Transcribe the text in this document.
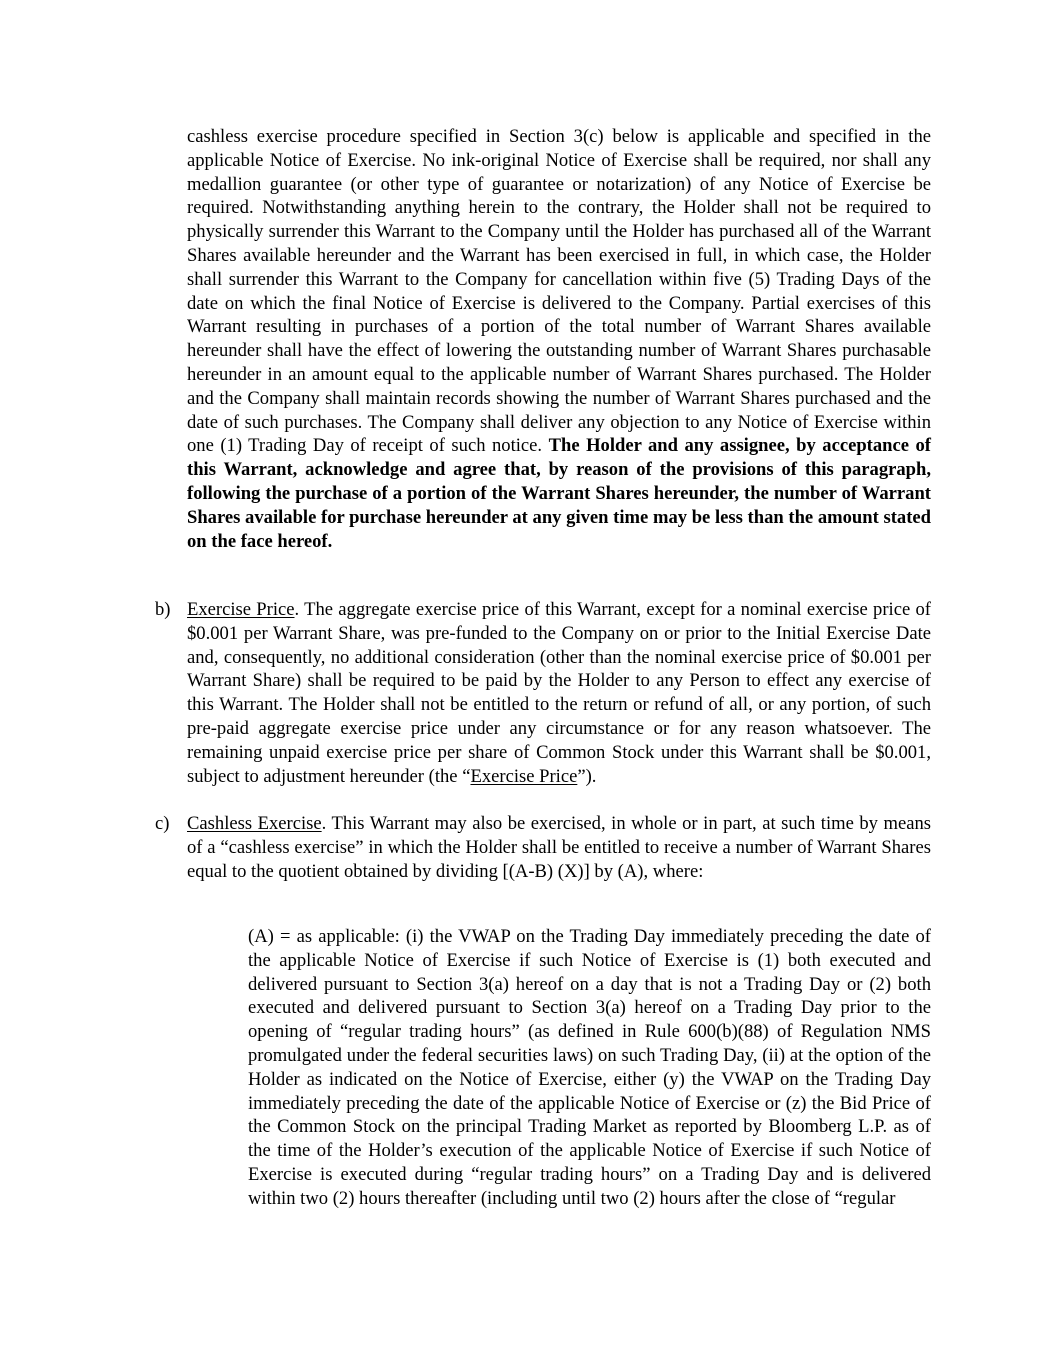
cashless exercise procedure specified in Section 3(c) below is applicable and specified in the applicable Notice of Exercise. No ink-original Notice of Exercise shall be required, nor shall any medallion guarantee (or other type of guarantee or notarization) of any Notice of Exercise be required. Notwithstanding anything herein to the contrary, the Holder shall not be required to physically surrender this Warrant to the Company until the Holder has purchased all of the Warrant Shares available hereunder and the Warrant has been exercised in full, in which case, the Holder shall surrender this Warrant to the Company for cancellation within five (5) Trading Days of the date on which the final Notice of Exercise is delivered to the Company. Partial exercises of this Warrant resulting in purchases of a portion of the total number of Warrant Shares available hereunder shall have the effect of lowering the outstanding number of Warrant Shares purchasable hereunder in an amount equal to the applicable number of Warrant Shares purchased. The Holder and the Company shall maintain records showing the number of Warrant Shares purchased and the date of such purchases. The Company shall deliver any objection to any Notice of Exercise within one (1) Trading Day of receipt of such notice. The Holder and any assignee, by acceptance of this Warrant, acknowledge and agree that, by reason of the provisions of this paragraph, following the purchase of a portion of the Warrant Shares hereunder, the number of Warrant Shares available for purchase hereunder at any given time may be less than the amount stated on the face hereof.

b) Exercise Price. The aggregate exercise price of this Warrant, except for a nominal exercise price of $0.001 per Warrant Share, was pre-funded to the Company on or prior to the Initial Exercise Date and, consequently, no additional consideration (other than the nominal exercise price of $0.001 per Warrant Share) shall be required to be paid by the Holder to any Person to effect any exercise of this Warrant. The Holder shall not be entitled to the return or refund of all, or any portion, of such pre-paid aggregate exercise price under any circumstance or for any reason whatsoever. The remaining unpaid exercise price per share of Common Stock under this Warrant shall be $0.001, subject to adjustment hereunder (the “Exercise Price”).

c) Cashless Exercise. This Warrant may also be exercised, in whole or in part, at such time by means of a “cashless exercise” in which the Holder shall be entitled to receive a number of Warrant Shares equal to the quotient obtained by dividing [(A-B) (X)] by (A), where:

(A) = as applicable: (i) the VWAP on the Trading Day immediately preceding the date of the applicable Notice of Exercise if such Notice of Exercise is (1) both executed and delivered pursuant to Section 3(a) hereof on a day that is not a Trading Day or (2) both executed and delivered pursuant to Section 3(a) hereof on a Trading Day prior to the opening of “regular trading hours” (as defined in Rule 600(b)(88) of Regulation NMS promulgated under the federal securities laws) on such Trading Day, (ii) at the option of the Holder as indicated on the Notice of Exercise, either (y) the VWAP on the Trading Day immediately preceding the date of the applicable Notice of Exercise or (z) the Bid Price of the Common Stock on the principal Trading Market as reported by Bloomberg L.P. as of the time of the Holder’s execution of the applicable Notice of Exercise if such Notice of Exercise is executed during “regular trading hours” on a Trading Day and is delivered within two (2) hours thereafter (including until two (2) hours after the close of “regular
